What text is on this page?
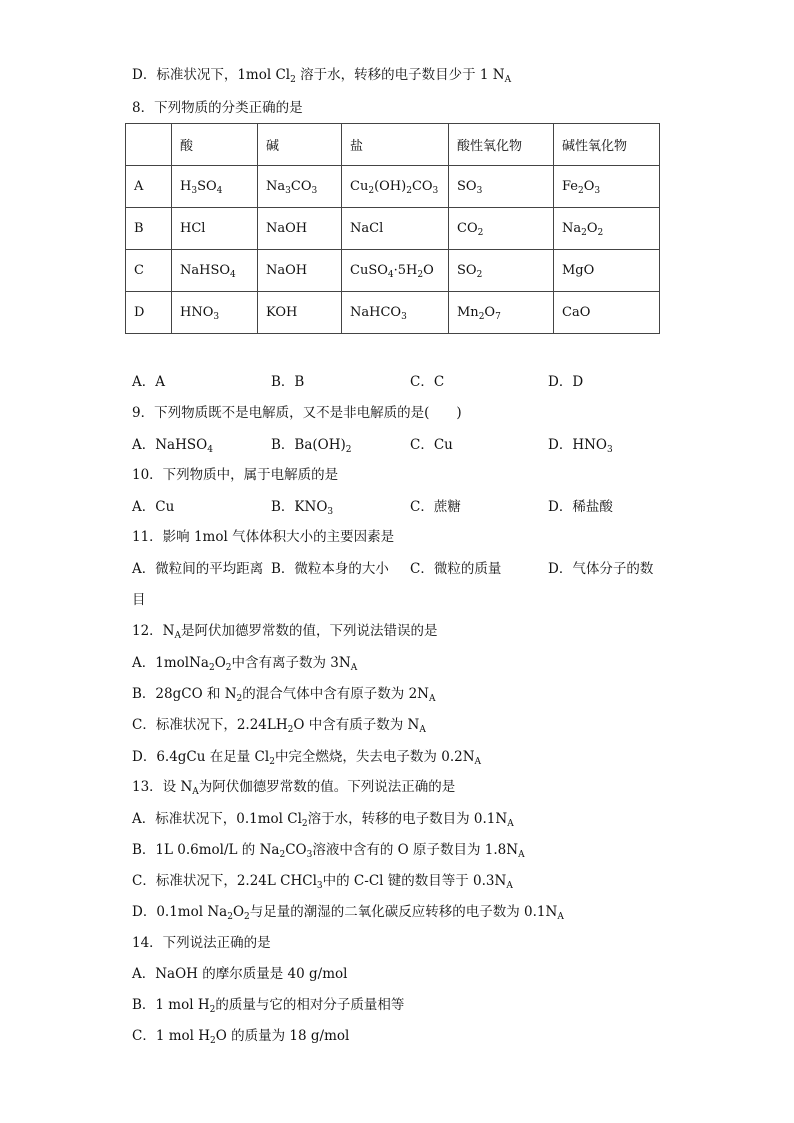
D．标准状况下，1mol $Cl_2$ 溶于水，转移的电子数目少于 1 $N_A$
8．下列物质的分类正确的是
	酸	碱	盐	酸性氧化物	碱性氧化物
A	$H_3SO_4$	$Na_3CO_3$	$Cu_2(OH)_2CO_3$	$SO_3$	$Fe_2O_3$
B	HCl	NaOH	NaCl	$CO_2$	$Na_2O_2$
C	NaHSO$_4$	NaOH	$CuSO_4\cdot 5H_2O$	$SO_2$	MgO
D	$HNO_3$	KOH	NaHCO$_3$	$Mn_2O_7$	CaO
A．A	B．B	C．C	D．D
9．下列物质既不是电解质，又不是非电解质的是(　　)
A．NaHSO$_4$	B．$Ba(OH)_2$	C．Cu	D．$HNO_3$
10．下列物质中，属于电解质的是
A．Cu	B．$KNO_3$	C．蔗糖	D．稀盐酸
11．影响 1mol 气体体积大小的主要因素是
A．微粒间的平均距离 B．微粒本身的大小 C．微粒的质量	D．气体分子的数
目
12．$N_A$是阿伏加德罗常数的值，下列说法错误的是
A．$1molNa_2O_2$中含有离子数为 $3N_A$
B．28gCO 和 $N_2$的混合气体中含有原子数为 $2N_A$
C．标准状况下，$2.24LH_2O$ 中含有质子数为 $N_A$
D．6.4gCu 在足量 $Cl_2$中完全燃烧，失去电子数为 $0.2N_A$
13．设 $N_A$为阿伏伽德罗常数的值。下列说法正确的是
A．标准状况下，0.1mol $Cl_2$溶于水，转移的电子数目为 $0.1N_A$
B．1L 0.6mol/L 的 $Na_2CO_3$溶液中含有的 O 原子数目为 $1.8N_A$
C．标准状况下，2.24L CHCl$_3$中的 C-Cl 键的数目等于 $0.3N_A$
D．0.1mol $Na_2O_2$与足量的潮湿的二氧化碳反应转移的电子数为 $0.1N_A$
14．下列说法正确的是
A．NaOH 的摩尔质量是 40 g/mol
B．1 mol $H_2$的质量与它的相对分子质量相等
C．1 mol $H_2O$ 的质量为 18 g/mol
